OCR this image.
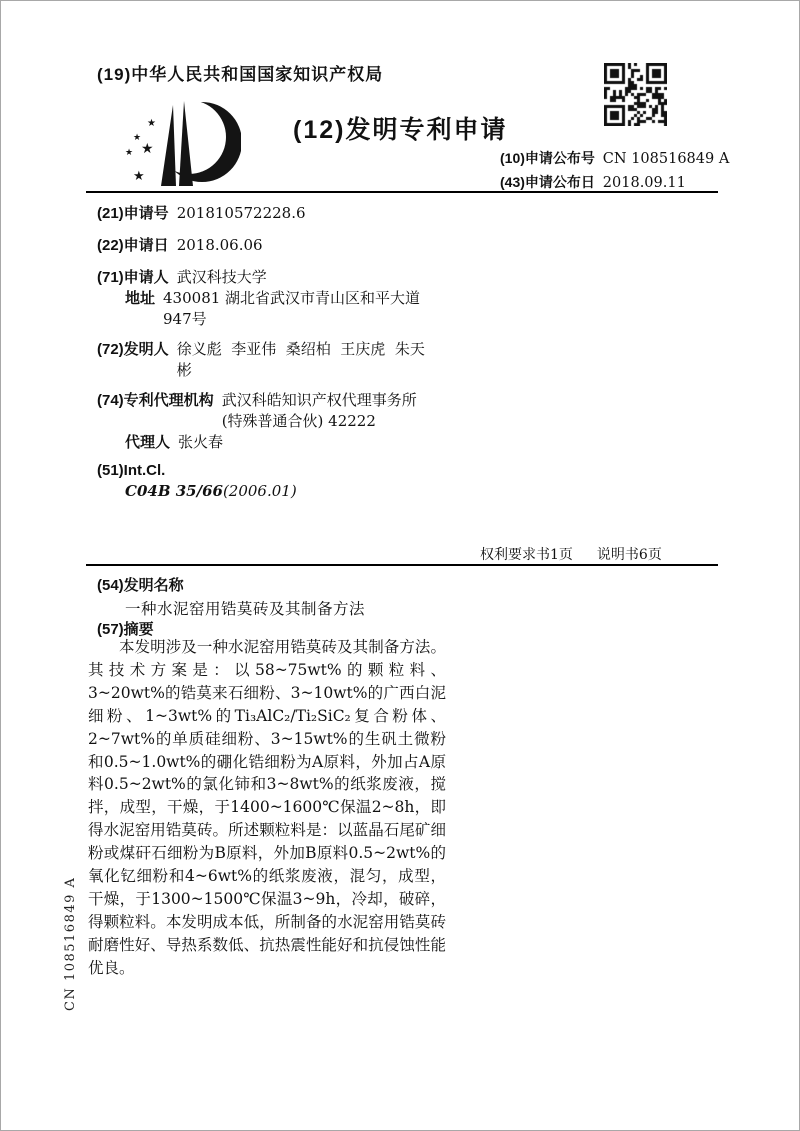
(19)中华人民共和国国家知识产权局
★
★
★ ★
★
(12)发明专利申请
(10)申请公布号 CN 108516849 A
(43)申请公布日 2018.09.11
(21)申请号 201810572228.6
(22)申请日 2018.06.06
(71)申请人 武汉科技大学
地址 430081 湖北省武汉市青山区和平大道947号
(72)发明人 徐义彪  李亚伟  桑绍柏  王庆虎  朱天彬
(74)专利代理机构 武汉科皓知识产权代理事务所(特殊普通合伙) 42222
代理人 张火春
(51)Int.Cl.
C04B 35/66(2006.01)
权利要求书1页 说明书6页
(54)发明名称
一种水泥窑用锆莫砖及其制备方法
(57)摘要

本发明涉及一种水泥窑用锆莫砖及其制备方法。其技术方案是：以58~75wt%的颗粒料、3~20wt%的锆莫来石细粉、3~10wt%的广西白泥细粉、1~3wt%的Ti₃AlC₂/Ti₂SiC₂复合粉体、2~7wt%的单质硅细粉、3~15wt%的生矾土微粉和0.5~1.0wt%的硼化锆细粉为A原料，外加占A原料0.5~2wt%的氯化铈和3~8wt%的纸浆废液，搅拌，成型，干燥，于1400~1600℃保温2~8h，即得水泥窑用锆莫砖。所述颗粒料是：以蓝晶石尾矿细粉或煤矸石细粉为B原料，外加B原料0.5~2wt%的氧化钇细粉和4~6wt%的纸浆废液，混匀，成型，干燥，于1300~1500℃保温3~9h，冷却，破碎，得颗粒料。本发明成本低，所制备的水泥窑用锆莫砖耐磨性好、导热系数低、抗热震性能好和抗侵蚀性能优良。

CN 108516849 A
